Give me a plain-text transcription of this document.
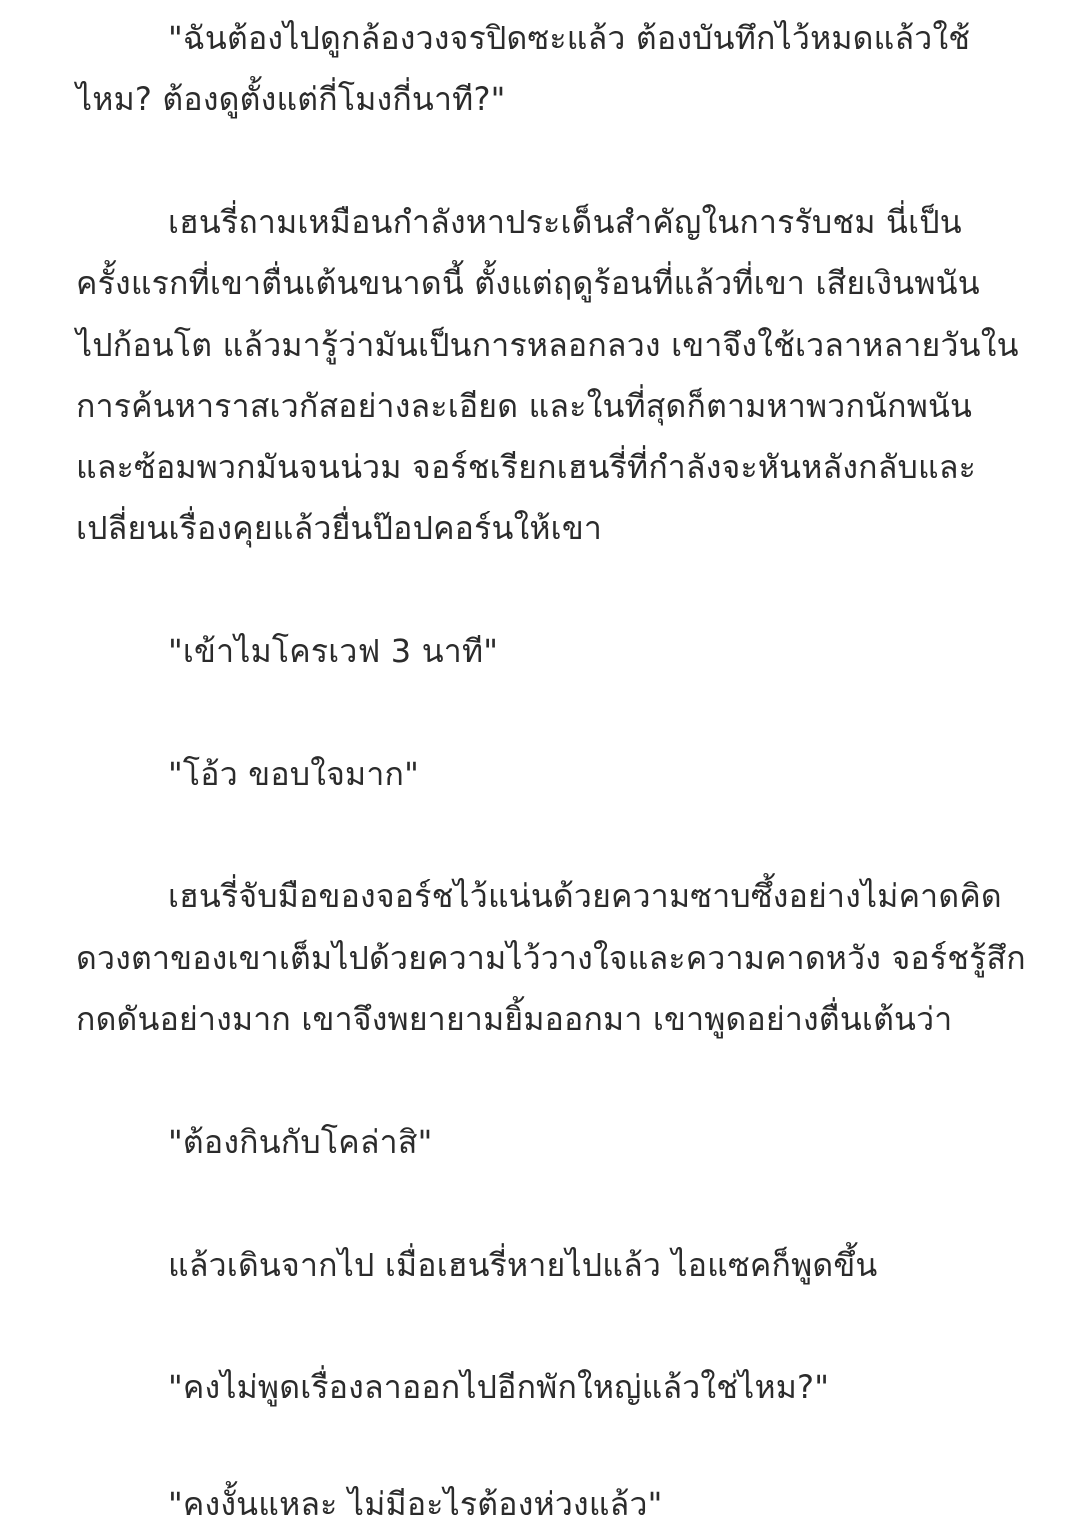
"ฉันต้องไปดูกล้องวงจรปิดซะแล้ว ต้องบันทึกไว้หมดแล้วใช้
ไหม? ต้องดูตั้งแต่กี่โมงกี่นาที?"
เฮนรี่ถามเหมือนกำลังหาประเด็นสำคัญในการรับชม นี่เป็น
ครั้งแรกที่เขาตื่นเต้นขนาดนี้ ตั้งแต่ฤดูร้อนที่แล้วที่เขา เสียเงินพนัน
ไปก้อนโต แล้วมารู้ว่ามันเป็นการหลอกลวง เขาจึงใช้เวลาหลายวันใน
การค้นหาราสเวกัสอย่างละเอียด และในที่สุดก็ตามหาพวกนักพนัน
และซ้อมพวกมันจนน่วม จอร์ชเรียกเฮนรี่ที่กำลังจะหันหลังกลับและ
เปลี่ยนเรื่องคุยแล้วยื่นป๊อปคอร์นให้เขา
"เข้าไมโครเวฟ 3 นาที"
"โอ้ว ขอบใจมาก"
เฮนรี่จับมือของจอร์ชไว้แน่นด้วยความซาบซึ้งอย่างไม่คาดคิด
ดวงตาของเขาเต็มไปด้วยความไว้วางใจและความคาดหวัง จอร์ชรู้สึก
กดดันอย่างมาก เขาจึงพยายามยิ้มออกมา เขาพูดอย่างตื่นเต้นว่า
"ต้องกินกับโคล่าสิ"
แล้วเดินจากไป เมื่อเฮนรี่หายไปแล้ว ไอแซคก็พูดขึ้น
"คงไม่พูดเรื่องลาออกไปอีกพักใหญ่แล้วใช่ไหม?"
"คงงั้นแหละ ไม่มีอะไรต้องห่วงแล้ว"
